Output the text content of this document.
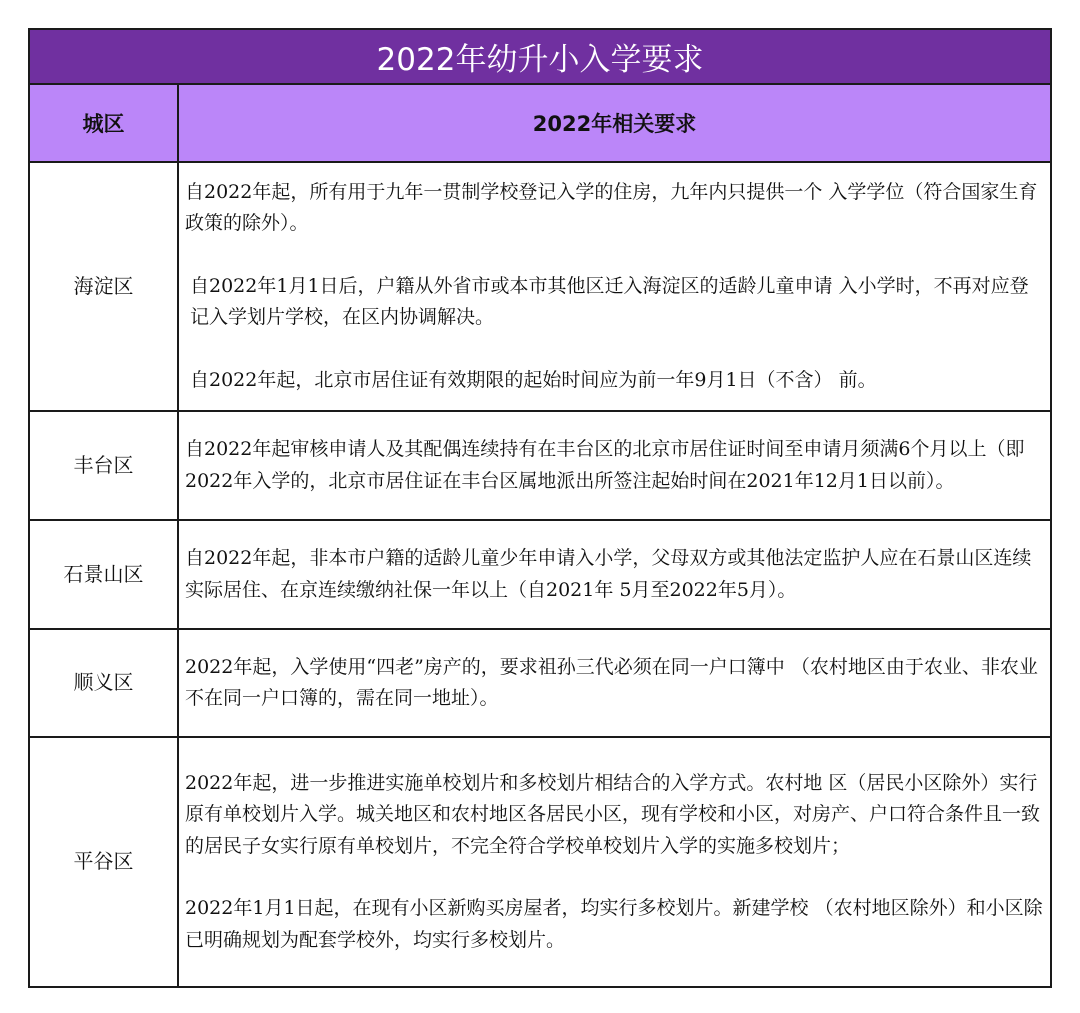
2022年幼升小入学要求
城区	2022年相关要求
海淀区	自2022年起，所有用于九年一贯制学校登记入学的住房，九年内只提供一个 入学学位（符合国家生育政策的除外）。

自2022年1月1日后，户籍从外省市或本市其他区迁入海淀区的适龄儿童申请 入小学时，不再对应登记入学划片学校，在区内协调解决。

自2022年起，北京市居住证有效期限的起始时间应为前一年9月1日（不含） 前。

丰台区	自2022年起审核申请人及其配偶连续持有在丰台区的北京市居住证时间至申请月须满6个月以上（即2022年入学的，北京市居住证在丰台区属地派出所签注起始时间在2021年12月1日以前）。

石景山区	自2022年起，非本市户籍的适龄儿童少年申请入小学，父母双方或其他法定监护人应在石景山区连续实际居住、在京连续缴纳社保一年以上（自2021年 5月至2022年5月）。

顺义区	2022年起，入学使用“四老”房产的，要求祖孙三代必须在同一户口簿中 （农村地区由于农业、非农业不在同一户口簿的，需在同一地址）。

平谷区	2022年起，进一步推进实施单校划片和多校划片相结合的入学方式。农村地 区（居民小区除外）实行原有单校划片入学。城关地区和农村地区各居民小区，现有学校和小区，对房产、户口符合条件且一致的居民子女实行原有单校划片，不完全符合学校单校划片入学的实施多校划片；

2022年1月1日起，在现有小区新购买房屋者，均实行多校划片。新建学校 （农村地区除外）和小区除已明确规划为配套学校外，均实行多校划片。
